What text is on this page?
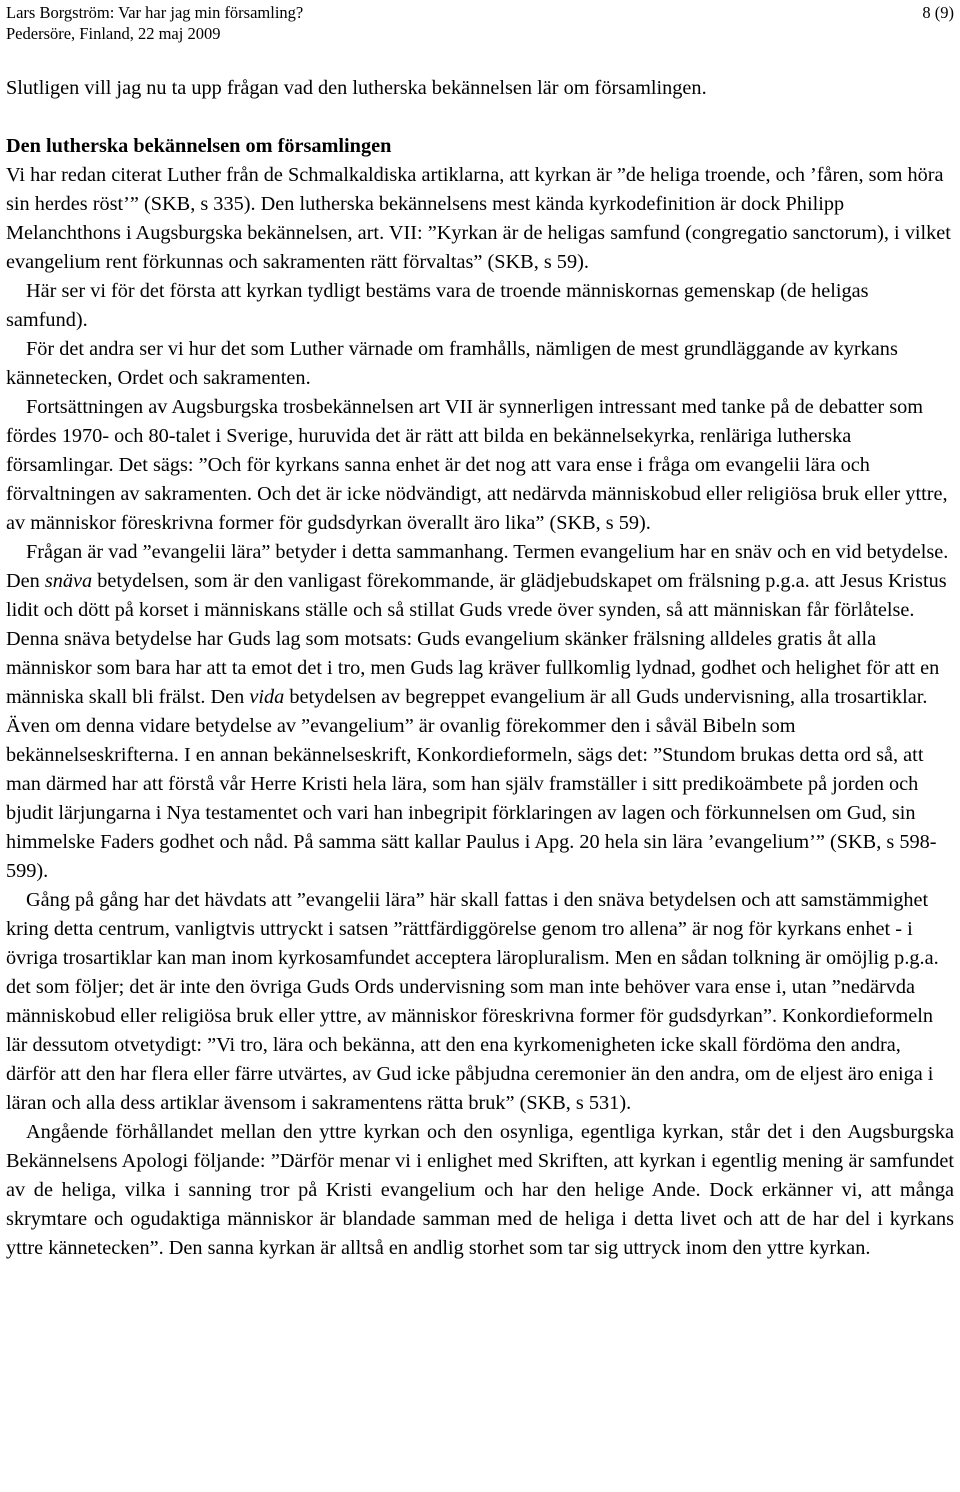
Lars Borgström: Var har jag min församling?
Pedersöre, Finland, 22 maj 2009
8 (9)

Slutligen vill jag nu ta upp frågan vad den lutherska bekännelsen lär om församlingen.

Den lutherska bekännelsen om församlingen

Vi har redan citerat Luther från de Schmalkaldiska artiklarna, att kyrkan är ”de heliga troende, och ’fåren, som höra sin herdes röst’” (SKB, s 335). Den lutherska bekännelsens mest kända kyrkodefinition är dock Philipp Melanchthons i Augsburgska bekännelsen, art. VII: ”Kyrkan är de heligas samfund (congregatio sanctorum), i vilket evangelium rent förkunnas och sakramenten rätt förvaltas” (SKB, s 59).

Här ser vi för det första att kyrkan tydligt bestäms vara de troende människornas gemenskap (de heligas samfund).

För det andra ser vi hur det som Luther värnade om framhålls, nämligen de mest grundläggande av kyrkans kännetecken, Ordet och sakramenten.

Fortsättningen av Augsburgska trosbekännelsen art VII är synnerligen intressant med tanke på de debatter som fördes 1970- och 80-talet i Sverige, huruvida det är rätt att bilda en bekännelsekyrka, renläriga lutherska församlingar. Det sägs: ”Och för kyrkans sanna enhet är det nog att vara ense i fråga om evangelii lära och förvaltningen av sakramenten. Och det är icke nödvändigt, att nedärvda människobud eller religiösa bruk eller yttre, av människor föreskrivna former för gudsdyrkan överallt äro lika” (SKB, s 59).

Frågan är vad ”evangelii lära” betyder i detta sammanhang. Termen evangelium har en snäv och en vid betydelse. Den snäva betydelsen, som är den vanligast förekommande, är glädjebudskapet om frälsning p.g.a. att Jesus Kristus lidit och dött på korset i människans ställe och så stillat Guds vrede över synden, så att människan får förlåtelse. Denna snäva betydelse har Guds lag som motsats: Guds evangelium skänker frälsning alldeles gratis åt alla människor som bara har att ta emot det i tro, men Guds lag kräver fullkomlig lydnad, godhet och helighet för att en människa skall bli frälst. Den vida betydelsen av begreppet evangelium är all Guds undervisning, alla trosartiklar. Även om denna vidare betydelse av ”evangelium” är ovanlig förekommer den i såväl Bibeln som bekännelseskrifterna. I en annan bekännelseskrift, Konkordieformeln, sägs det: ”Stundom brukas detta ord så, att man därmed har att förstå vår Herre Kristi hela lära, som han själv framställer i sitt predikoämbete på jorden och bjudit lärjungarna i Nya testamentet och vari han inbegripit förklaringen av lagen och förkunnelsen om Gud, sin himmelske Faders godhet och nåd. På samma sätt kallar Paulus i Apg. 20 hela sin lära ’evangelium’” (SKB, s 598-599).

Gång på gång har det hävdats att ”evangelii lära” här skall fattas i den snäva betydelsen och att samstämmighet kring detta centrum, vanligtvis uttryckt i satsen ”rättfärdiggörelse genom tro allena” är nog för kyrkans enhet - i övriga trosartiklar kan man inom kyrkosamfundet acceptera läropluralism. Men en sådan tolkning är omöjlig p.g.a. det som följer; det är inte den övriga Guds Ords undervisning som man inte behöver vara ense i, utan ”nedärvda människobud eller religiösa bruk eller yttre, av människor föreskrivna former för gudsdyrkan”. Konkordieformeln lär dessutom otvetydigt: ”Vi tro, lära och bekänna, att den ena kyrkomenigheten icke skall fördöma den andra, därför att den har flera eller färre utvärtes, av Gud icke påbjudna ceremonier än den andra, om de eljest äro eniga i läran och alla dess artiklar ävensom i sakramentens rätta bruk” (SKB, s 531).

Angående förhållandet mellan den yttre kyrkan och den osynliga, egentliga kyrkan, står det i den Augsburgska Bekännelsens Apologi följande: ”Därför menar vi i enlighet med Skriften, att kyrkan i egentlig mening är samfundet av de heliga, vilka i sanning tror på Kristi evangelium och har den helige Ande. Dock erkänner vi, att många skrymtare och ogudaktiga människor är blandade samman med de heliga i detta livet och att de har del i kyrkans yttre kännetecken”. Den sanna kyrkan är alltså en andlig storhet som tar sig uttryck inom den yttre kyrkan.
